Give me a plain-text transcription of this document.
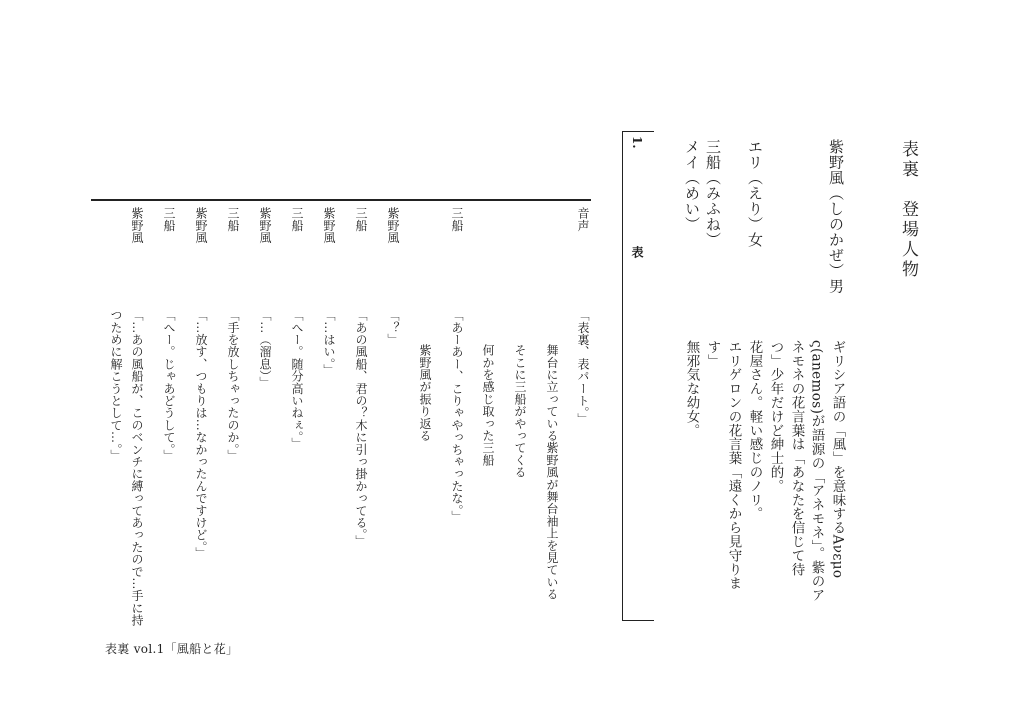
表裏　登場人物
紫野風（しのかぜ）男
ギリシア語の「風」を意味するΑνεμο
ς(anemos)が語源の「アネモネ」。紫のア
ネモネの花言葉は「あなたを信じて待
つ」少年だけど紳士的。
エリ（えり）女
花屋さん。軽い感じのノリ。
エリゲロンの花言葉「遠くから見守りま
す」
三船（みふね）
メイ（めい）
無邪気な幼女。
1.
表
音声
三船
紫野風
三船
紫野風
三船
紫野風
三船
紫野風
三船
紫野風
「表裏、表パート。」
舞台に立っている紫野風が舞台袖上を見ている
そこに三船がやってくる
何かを感じ取った三船
「あーあー、こりゃやっちゃったな。」
紫野風が振り返る
「？」
「あの風船、君の？木に引っ掛かってる。」
「…はい。」
「へー。随分高いねぇ。」
「…（溜息）」
「手を放しちゃったのか。」
「…放す、つもりは…なかったんですけど。」
「へー。じゃあどうして。」
「…あの風船が、このベンチに縛ってあったので…手に持
つために解こうとして…。」
表裏 vol.1「風船と花」
